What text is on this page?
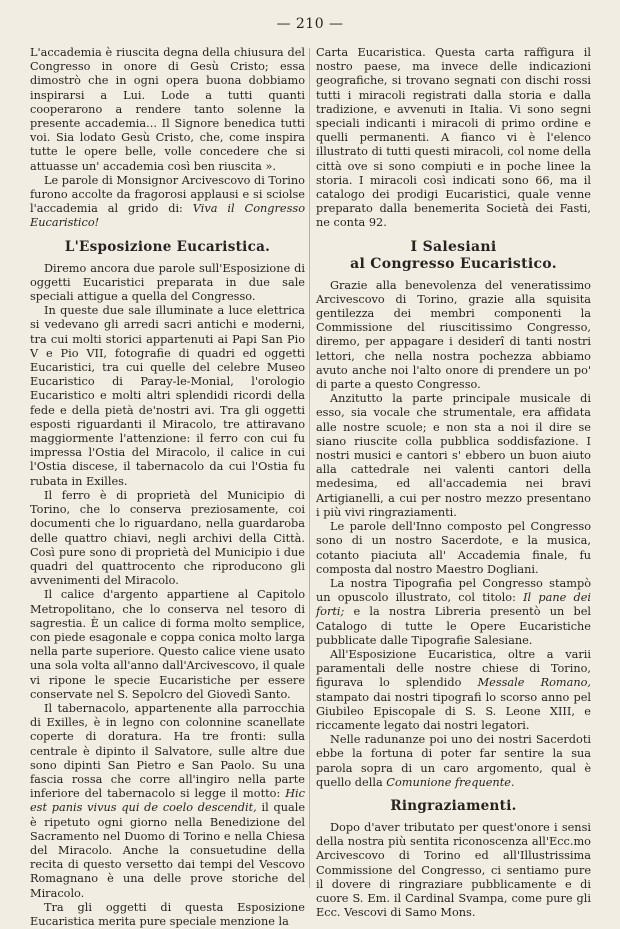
— 210 —

L'accademia è riuscita degna della chiusura del Congresso in onore di Gesù Cristo; essa dimostrò che in ogni opera buona dobbiamo inspirarsi a Lui. Lode a tutti quanti cooperarono a rendere tanto solenne la presente accademia... Il Signore benedica tutti voi. Sia lodato Gesù Cristo, che, come inspira tutte le opere belle, volle concedere che si attuasse un' accademia così ben riuscita ».

Le parole di Monsignor Arcivescovo di Torino furono accolte da fragorosi applausi e si sciolse l'accademia al grido di: Viva il Congresso Eucaristico!

L'Esposizione Eucaristica.

Diremo ancora due parole sull'Esposizione di oggetti Eucaristici preparata in due sale speciali attigue a quella del Congresso.

In queste due sale illuminate a luce elettrica si vedevano gli arredi sacri antichi e moderni, tra cui molti storici appartenuti ai Papi San Pio V e Pio VII, fotografie di quadri ed oggetti Eucaristici, tra cui quelle del celebre Museo Eucaristico di Paray-le-Monial, l'orologio Eucaristico e molti altri splendidi ricordi della fede e della pietà de'nostri avi. Tra gli oggetti esposti riguardanti il Miracolo, tre attiravano maggiormente l'attenzione: il ferro con cui fu impressa l'Ostia del Miracolo, il calice in cui l'Ostia discese, il tabernacolo da cui l'Ostia fu rubata in Exilles.

Il ferro è di proprietà del Municipio di Torino, che lo conserva preziosamente, coi documenti che lo riguardano, nella guardaroba delle quattro chiavi, negli archivi della Città. Così pure sono di proprietà del Municipio i due quadri del quattrocento che riproducono gli avvenimenti del Miracolo.

Il calice d'argento appartiene al Capitolo Metropolitano, che lo conserva nel tesoro di sagrestia. È un calice di forma molto semplice, con piede esagonale e coppa conica molto larga nella parte superiore. Questo calice viene usato una sola volta all'anno dall'Arcivescovo, il quale vi ripone le specie Eucaristiche per essere conservate nel S. Sepolcro del Giovedì Santo.

Il tabernacolo, appartenente alla parrocchia di Exilles, è in legno con colonnine scanellate coperte di doratura. Ha tre fronti: sulla centrale è dipinto il Salvatore, sulle altre due sono dipinti San Pietro e San Paolo. Su una fascia rossa che corre all'ingiro nella parte inferiore del tabernacolo si legge il motto: Hic est panis vivus qui de coelo descendit, il quale è ripetuto ogni giorno nella Benedizione del Sacramento nel Duomo di Torino e nella Chiesa del Miracolo. Anche la consuetudine della recita di questo versetto dai tempi del Vescovo Romagnano è una delle prove storiche del Miracolo.

Tra gli oggetti di questa Esposizione Eucaristica merita pure speciale menzione la

Carta Eucaristica. Questa carta raffigura il nostro paese, ma invece delle indicazioni geografiche, si trovano segnati con dischi rossi tutti i miracoli registrati dalla storia e dalla tradizione, e avvenuti in Italia. Vi sono segni speciali indicanti i miracoli di primo ordine e quelli permanenti. A fianco vi è l'elenco illustrato di tutti questi miracoli, col nome della città ove si sono compiuti e in poche linee la storia. I miracoli così indicati sono 66, ma il catalogo dei prodigi Eucaristici, quale venne preparato dalla benemerita Società dei Fasti, ne conta 92.

I Salesiani
al Congresso Eucaristico.

Grazie alla benevolenza del veneratissimo Arcivescovo di Torino, grazie alla squisita gentilezza dei membri componenti la Commissione del riuscitissimo Congresso, diremo, per appagare i desiderî di tanti nostri lettori, che nella nostra pochezza abbiamo avuto anche noi l'alto onore di prendere un po' di parte a questo Congresso.

Anzitutto la parte principale musicale di esso, sia vocale che strumentale, era affidata alle nostre scuole; e non sta a noi il dire se siano riuscite colla pubblica soddisfazione. I nostri musici e cantori s' ebbero un buon aiuto alla cattedrale nei valenti cantori della medesima, ed all'accademia nei bravi Artigianelli, a cui per nostro mezzo presentano i più vivi ringraziamenti.

Le parole dell'Inno composto pel Congresso sono di un nostro Sacerdote, e la musica, cotanto piaciuta all' Accademia finale, fu composta dal nostro Maestro Dogliani.

La nostra Tipografia pel Congresso stampò un opuscolo illustrato, col titolo: Il pane dei forti; e la nostra Libreria presentò un bel Catalogo di tutte le Opere Eucaristiche pubblicate dalle Tipografie Salesiane.

All'Esposizione Eucaristica, oltre a varii paramentali delle nostre chiese di Torino, figurava lo splendido Messale Romano, stampato dai nostri tipografi lo scorso anno pel Giubileo Episcopale di S. S. Leone XIII, e riccamente legato dai nostri legatori.

Nelle radunanze poi uno dei nostri Sacerdoti ebbe la fortuna di poter far sentire la sua parola sopra di un caro argomento, qual è quello della Comunione frequente.

Ringraziamenti.

Dopo d'aver tributato per quest'onore i sensi della nostra più sentita riconoscenza all'Ecc.mo Arcivescovo di Torino ed all'Illustrissima Commissione del Congresso, ci sentiamo pure il dovere di ringraziare pubblicamente e di cuore S. Em. il Cardinal Svampa, come pure gli Ecc. Vescovi di Samo Mons.
